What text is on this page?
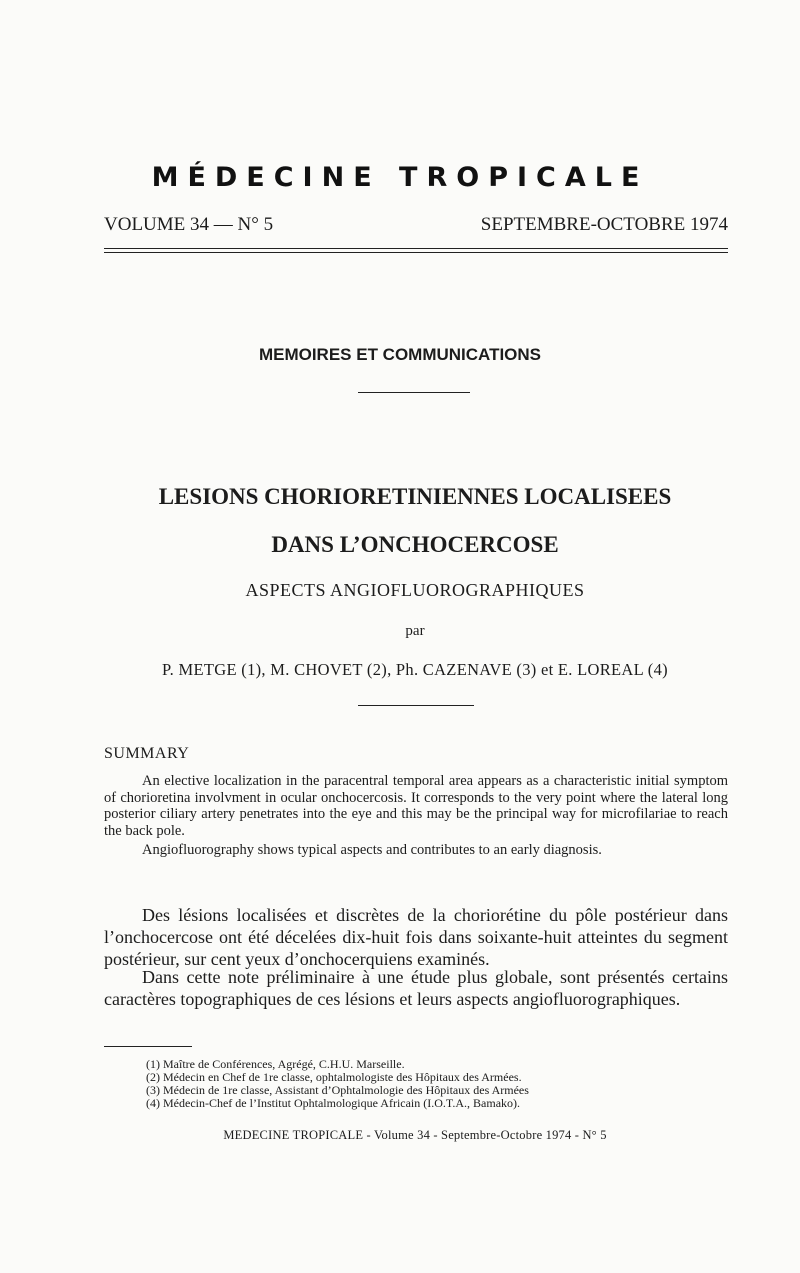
MÉDECINE TROPICALE
VOLUME 34 — N° 5	SEPTEMBRE-OCTOBRE 1974
MEMOIRES ET COMMUNICATIONS
LESIONS CHORIORETINIENNES LOCALISEES
DANS L’ONCHOCERCOSE
ASPECTS ANGIOFLUOROGRAPHIQUES
par
P. METGE (1), M. CHOVET (2), Ph. CAZENAVE (3) et E. LOREAL (4)
SUMMARY
An elective localization in the paracentral temporal area appears as a characteristic initial symptom of chorioretina involvment in ocular onchocercosis. It corresponds to the very point where the lateral long posterior ciliary artery penetrates into the eye and this may be the principal way for microfilariae to reach the back pole.
Angiofluorography shows typical aspects and contributes to an early diagnosis.
Des lésions localisées et discrètes de la choriorétine du pôle postérieur dans l’onchocercose ont été décelées dix-huit fois dans soixante-huit atteintes du segment postérieur, sur cent yeux d’onchocerquiens examinés.
Dans cette note préliminaire à une étude plus globale, sont présentés certains caractères topographiques de ces lésions et leurs aspects angiofluorographiques.
(1) Maître de Conférences, Agrégé, C.H.U. Marseille.
(2) Médecin en Chef de 1re classe, ophtalmologiste des Hôpitaux des Armées.
(3) Médecin de 1re classe, Assistant d’Ophtalmologie des Hôpitaux des Armées
(4) Médecin-Chef de l’Institut Ophtalmologique Africain (I.O.T.A., Bamako).
MEDECINE TROPICALE - Volume 34 - Septembre-Octobre 1974 - N° 5
